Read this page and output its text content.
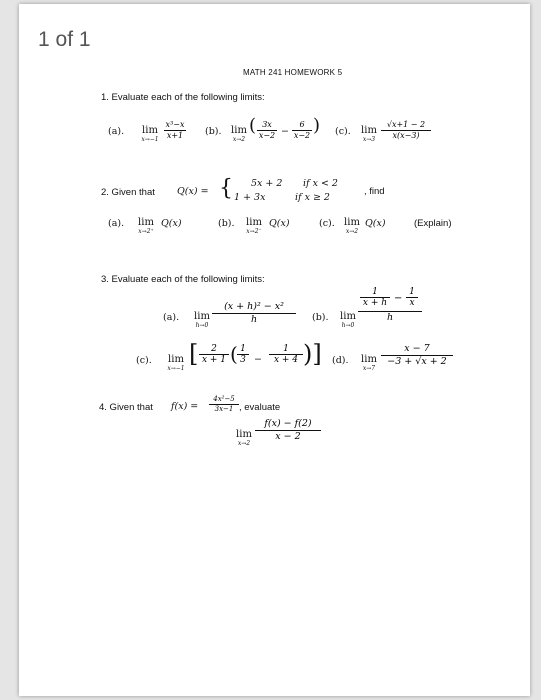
MATH 241 HOMEWORK 5
1. Evaluate each of the following limits:
(a).	lim
x→−1
x³−x
x+1 (b). lim
x→2
( 3x
x−2 −
6
x−2 ) (c).	lim
x→3
√x+1 − 2
x(x−3)
2. Given that Q(x) = { 5x + 2 if x < 2
1 + 3x	if x ≥ 2
, find
(a).	lim
x→2⁺
Q(x)	(b).	lim
x→2⁻
Q(x)	(c). lim
x→2
Q(x)	(Explain)
3. Evaluate each of the following limits:
(a).	lim
h→0
(x + h)² − x²
h	(b).	lim
h→0
1
x + h −
1
x
h
(c).	lim
x→−1
[	2
x + 1 ( 1
3 −
1
x + 4 )] (d).	lim
x→7
x − 7
−3 + √x + 2
4. Given that f(x) =
4x²−5
3x−1 , evaluate
lim
x→2
f(x) − f(2)
x − 2
1 of 1
